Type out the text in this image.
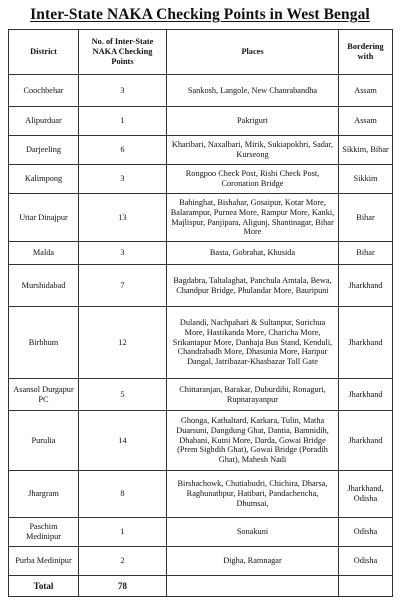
Inter-State NAKA Checking Points in West Bengal
District	No. of Inter-State NAKA Checking Points	Places	Bordering with
Coochbehar	3	Sankosh, Langole, New Chanrabandha	Assam
Alipurduar	1	Pakriguri	Assam
Darjeeling	6	Kharibari, Naxalbari, Mirik, Sukiapokhri, Sadar, Kurseong	Sikkim, Bihar
Kalimpong	3	Rongpoo Check Post, Rishi Check Post, Coronation Bridge	Sikkim
Uttar Dinajpur	13	Bahinghat, Bishahar, Gosaipur, Kotar More, Balarampur, Purnea More, Rampur More, Kanki, Majlispur, Panjipara, Aligunj, Shantinagar, Bihar More	Bihar
Malda	3	Basta, Gobrahat, Khusida	Bihar
Murshidabad	7	Bagdabra, Taltalaghat, Panchula Amtala, Bewa, Chandpur Bridge, Phulandar More, Bauripuni	Jharkhand
Birbhum	12	Dulandi, Nachpahari & Sultanpur, Surichua More, Hastikanda More, Charicha More, Srikantapur More, Danhaja Bus Stand, Kenduli, Chandrabadh More, Dhasunia More, Haripur Dangal, Jatribazar-Khasbazar Toll Gate	Jharkhand
Asansol Durgapur PC	5	Chittaranjan, Barakar, Duburdihi, Ronaguri, Rupnarayanpur	Jharkhand
Purulia	14	Ghonga, Kathaltard, Karkara, Tulin, Matha Duarsuni, Dangdung Ghat, Dantia, Bamnidih, Dhabani, Kutni More, Darda, Gowai Bridge (Prem Sighdih Ghat), Gowai Bridge (Poradih Ghat), Mahesh Nadi	Jharkhand
Jhargram	8	Birshachowk, Chutiabudri, Chichira, Dharsa, Raghunathpur, Hatibari, Pandachencha, Dhumsai,	Jharkhand, Odisha
Paschim Medinipur	1	Sonakuni	Odisha
Purba Medinipur	2	Digha, Ramnagar	Odisha
Total	78		
